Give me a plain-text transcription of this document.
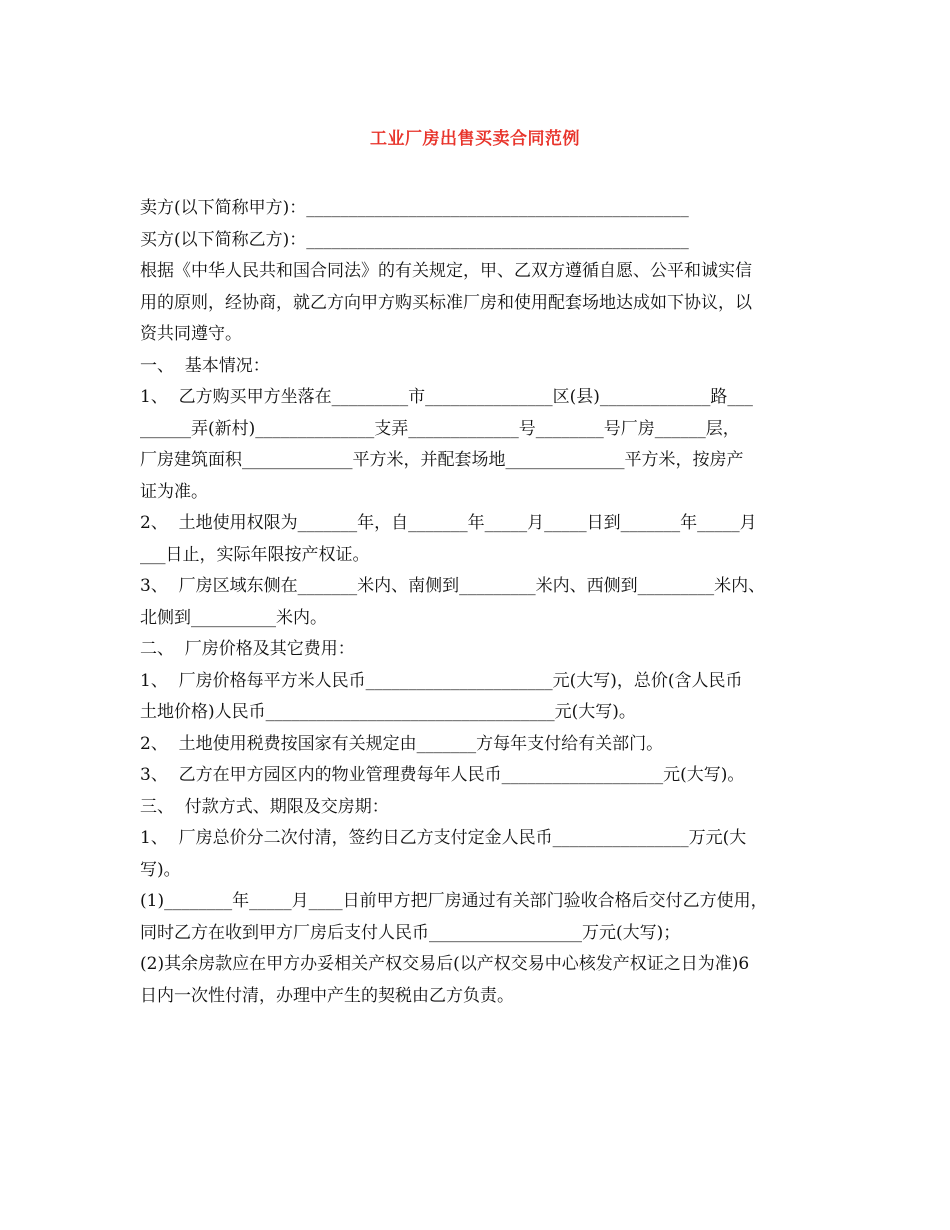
工业厂房出售买卖合同范例
卖方(以下简称甲方)：_____________________________________________
买方(以下简称乙方)：_____________________________________________
根据《中华人民共和国合同法》的有关规定，甲、乙双方遵循自愿、公平和诚实信
用的原则，经协商，就乙方向甲方购买标准厂房和使用配套场地达成如下协议，以
资共同遵守。
一、  基本情况：
1、  乙方购买甲方坐落在_________市_______________区(县)_____________路___
______弄(新村)______________支弄_____________号________号厂房______层，
厂房建筑面积_____________平方米，并配套场地______________平方米，按房产
证为准。
2、  土地使用权限为_______年，自_______年_____月_____日到_______年_____月
___日止，实际年限按产权证。
3、  厂房区域东侧在_______米内、南侧到_________米内、西侧到_________米内、
北侧到__________米内。
二、  厂房价格及其它费用：
1、  厂房价格每平方米人民币______________________元(大写)，总价(含人民币
土地价格)人民币__________________________________元(大写)。
2、  土地使用税费按国家有关规定由_______方每年支付给有关部门。
3、  乙方在甲方园区内的物业管理费每年人民币___________________元(大写)。
三、  付款方式、期限及交房期：
1、  厂房总价分二次付清，签约日乙方支付定金人民币________________万元(大
写)。
(1)________年_____月____日前甲方把厂房通过有关部门验收合格后交付乙方使用，
同时乙方在收到甲方厂房后支付人民币__________________万元(大写)；
(2)其余房款应在甲方办妥相关产权交易后(以产权交易中心核发产权证之日为准)6
日内一次性付清，办理中产生的契税由乙方负责。
